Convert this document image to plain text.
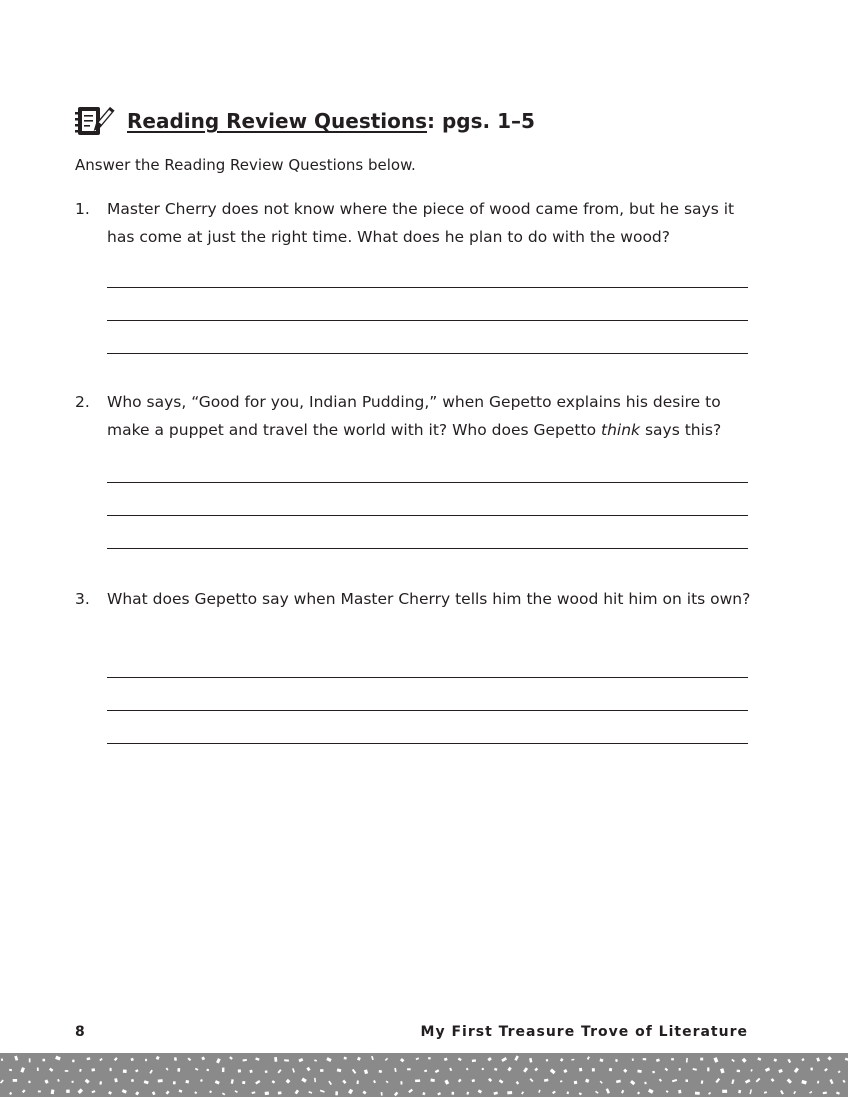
Reading Review Questions: pgs. 1–5
Answer the Reading Review Questions below.
1.	Master Cherry does not know where the piece of wood came from, but he says it has come at just the right time. What does he plan to do with the wood?
2.	Who says, “Good for you, Indian Pudding,” when Gepetto explains his desire to make a puppet and travel the world with it? Who does Gepetto think says this?
3.	What does Gepetto say when Master Cherry tells him the wood hit him on its own?
8	My First Treasure Trove of Literature
